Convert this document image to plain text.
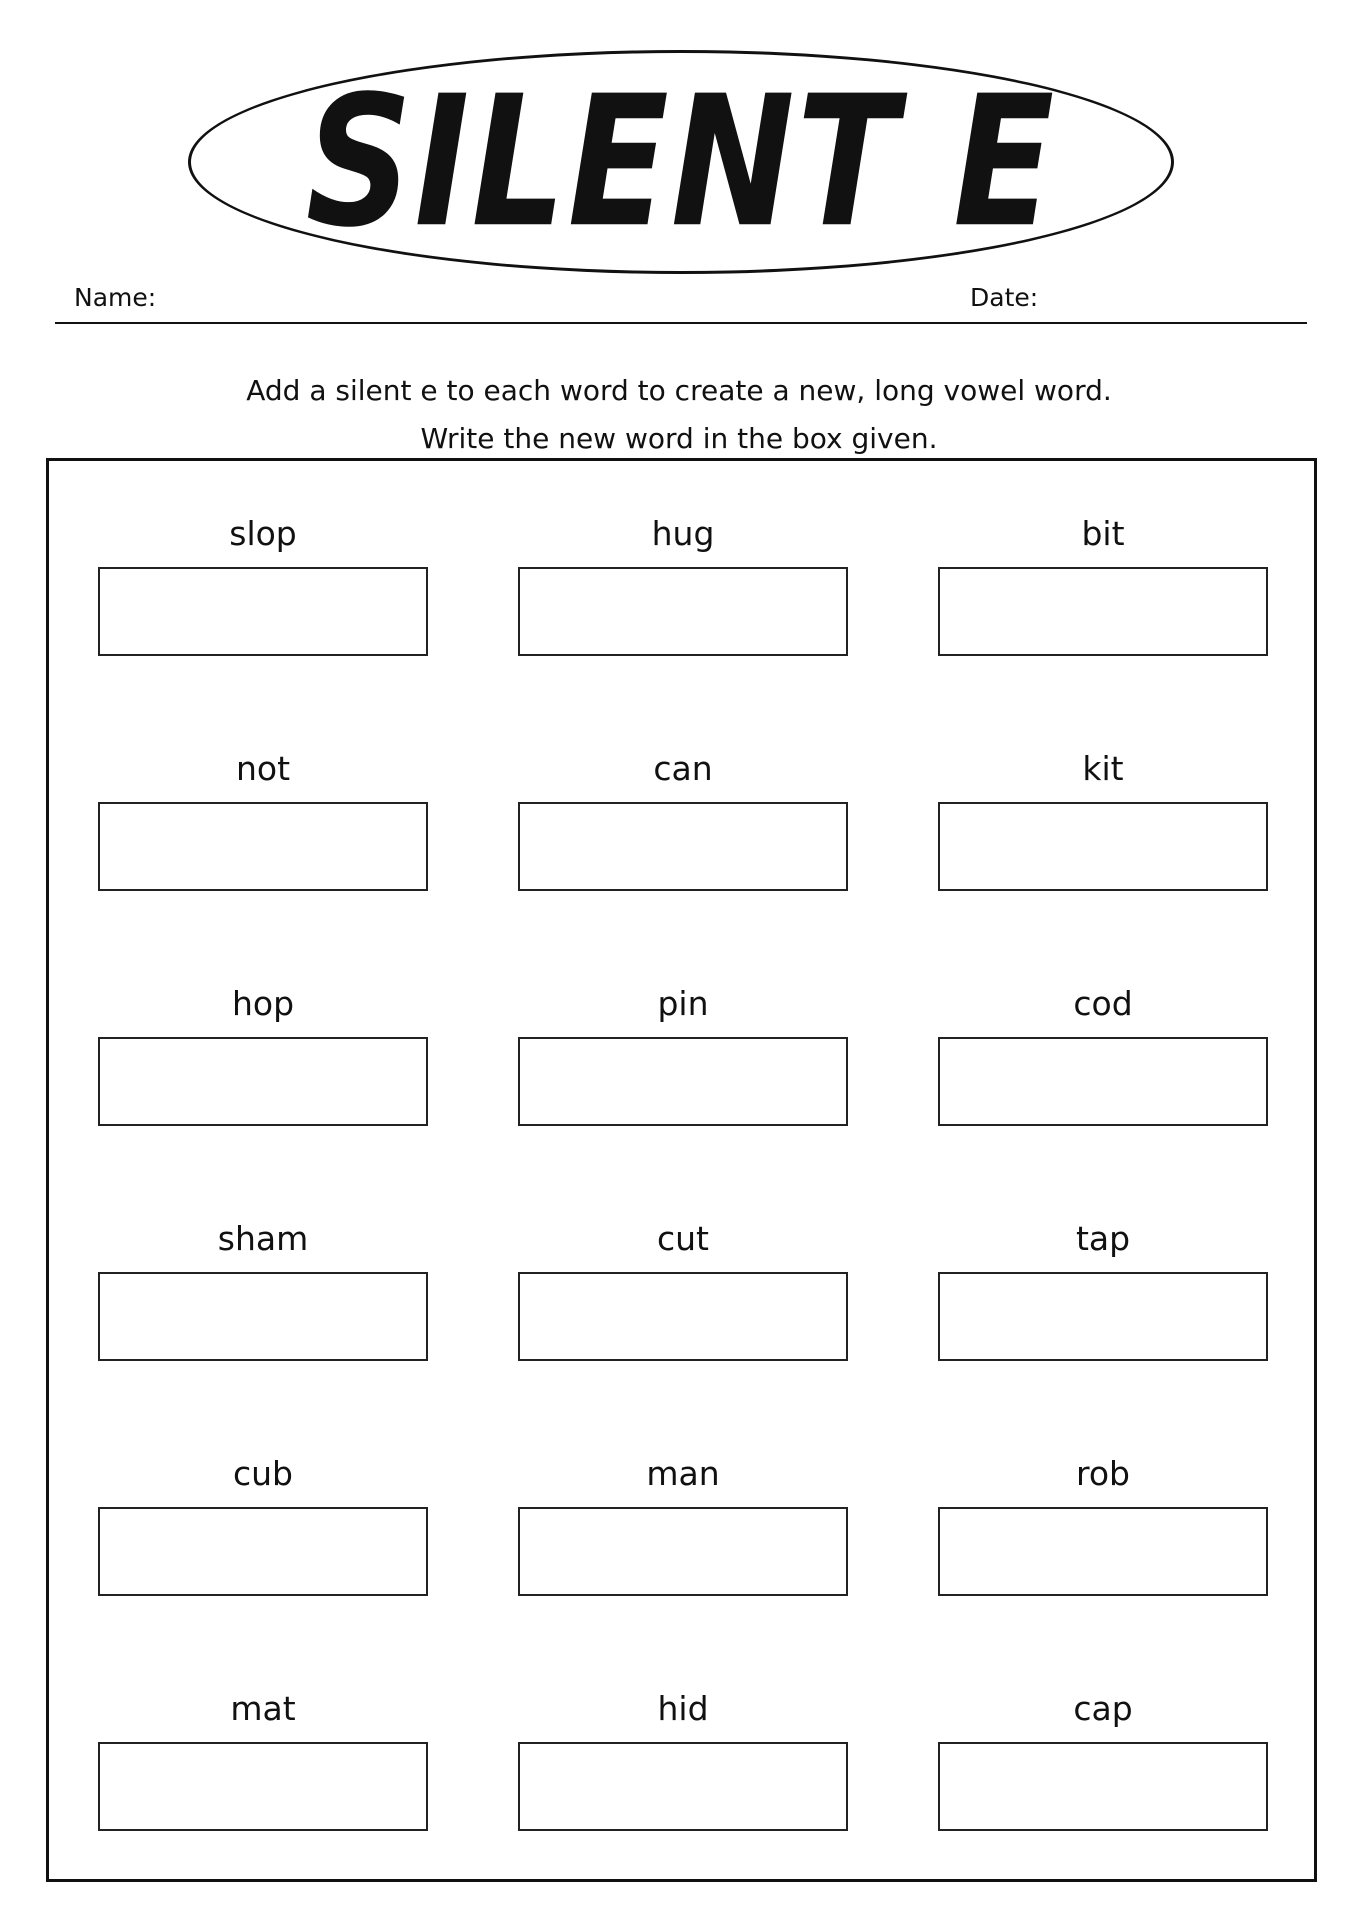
SILENT E
Name:	Date:
Add a silent e to each word to create a new, long vowel word.
Write the new word in the box given.
slop	hug	bit
not	can	kit
hop	pin	cod
sham	cut	tap
cub	man	rob
mat	hid	cap
